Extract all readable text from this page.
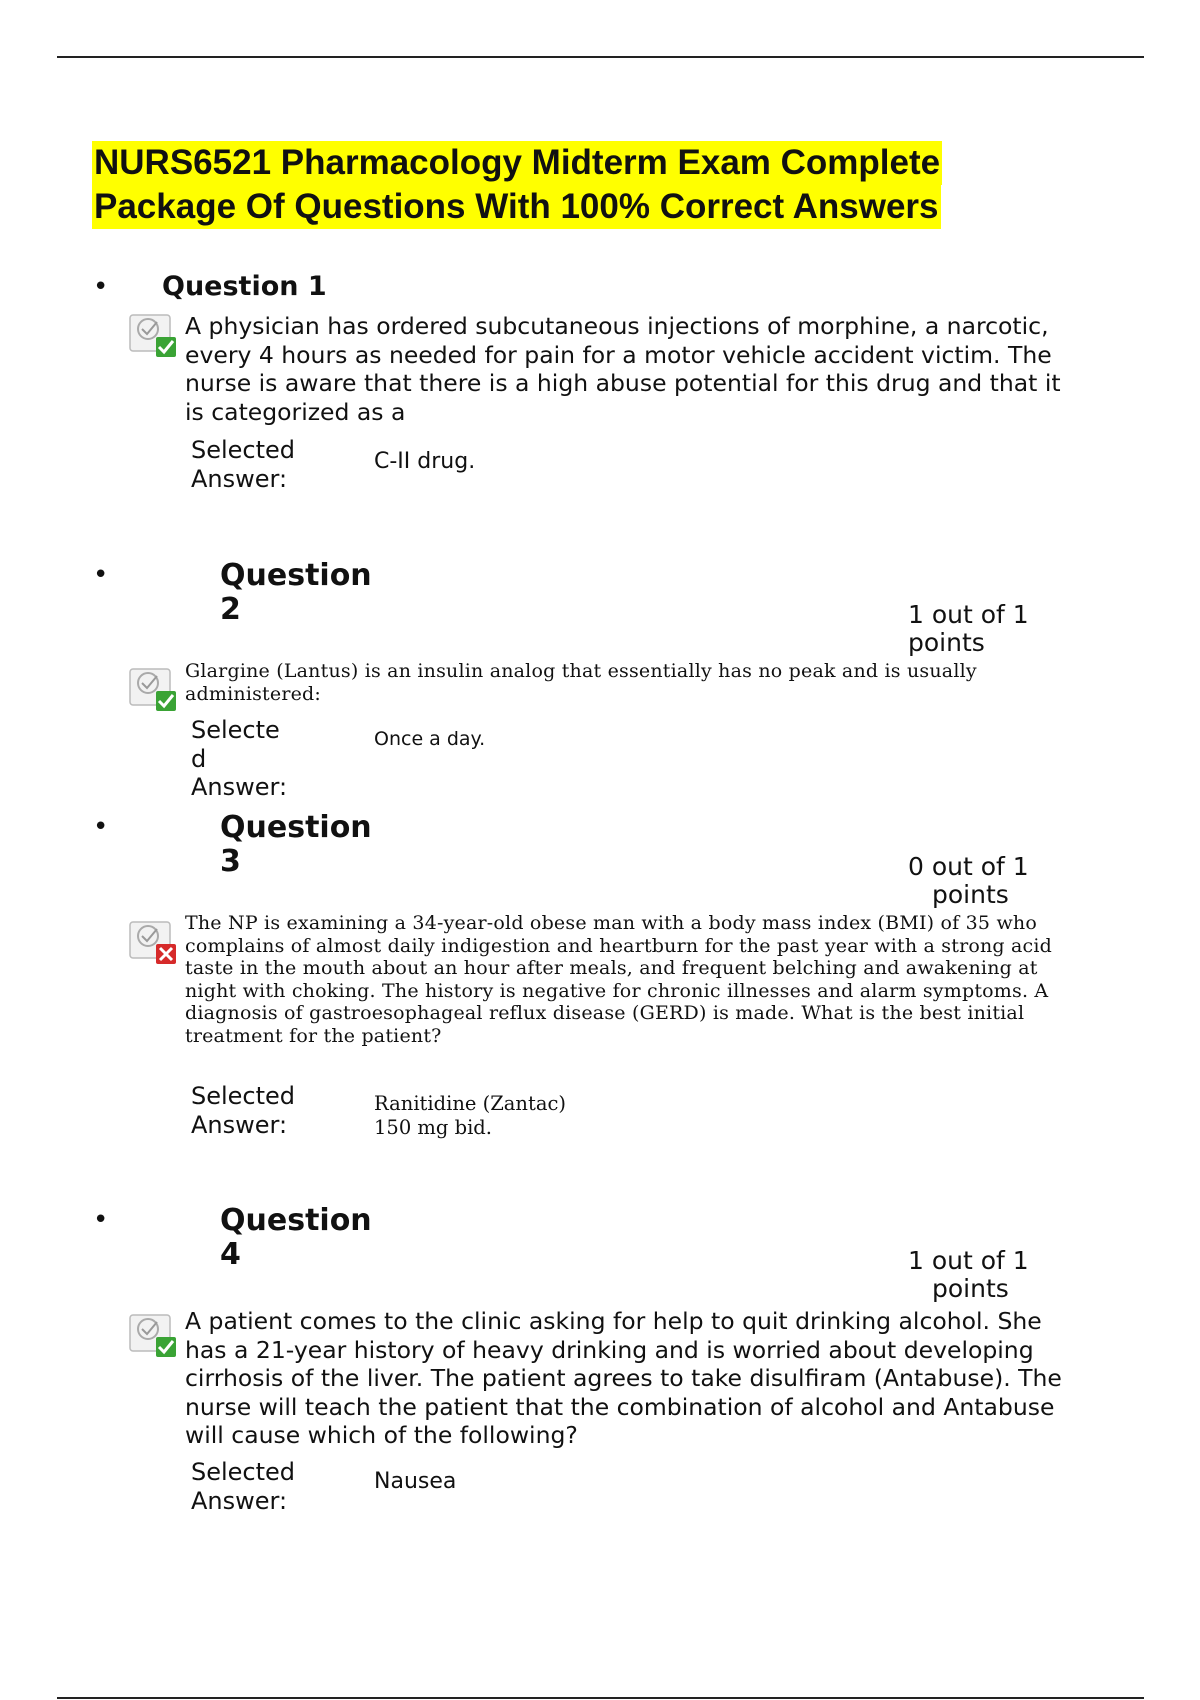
NURS6521 Pharmacology Midterm Exam Complete
Package Of Questions With 100% Correct Answers
• Question 1

A physician has ordered subcutaneous injections of morphine, a narcotic, every 4 hours as needed for pain for a motor vehicle accident victim. The nurse is aware that there is a high abuse potential for this drug and that it is categorized as a

Selected Answer:
C-II drug.
•	Question
2	1 out of 1
points

Glargine (Lantus) is an insulin analog that essentially has no peak and is usually administered:

Selecte
d
Answer:
Once a day.
•	Question
3	0 out of 1
points

The NP is examining a 34-year-old obese man with a body mass index (BMI) of 35 who complains of almost daily indigestion and heartburn for the past year with a strong acid taste in the mouth about an hour after meals, and frequent belching and awakening at night with choking. The history is negative for chronic illnesses and alarm symptoms. A diagnosis of gastroesophageal reflux disease (GERD) is made. What is the best initial treatment for the patient?

Selected Answer:
Ranitidine (Zantac)
150 mg bid.
•	Question
4	1 out of 1
points

A patient comes to the clinic asking for help to quit drinking alcohol. She has a 21-year history of heavy drinking and is worried about developing cirrhosis of the liver. The patient agrees to take disulfiram (Antabuse). The nurse will teach the patient that the combination of alcohol and Antabuse will cause which of the following?

Selected Answer:
Nausea
